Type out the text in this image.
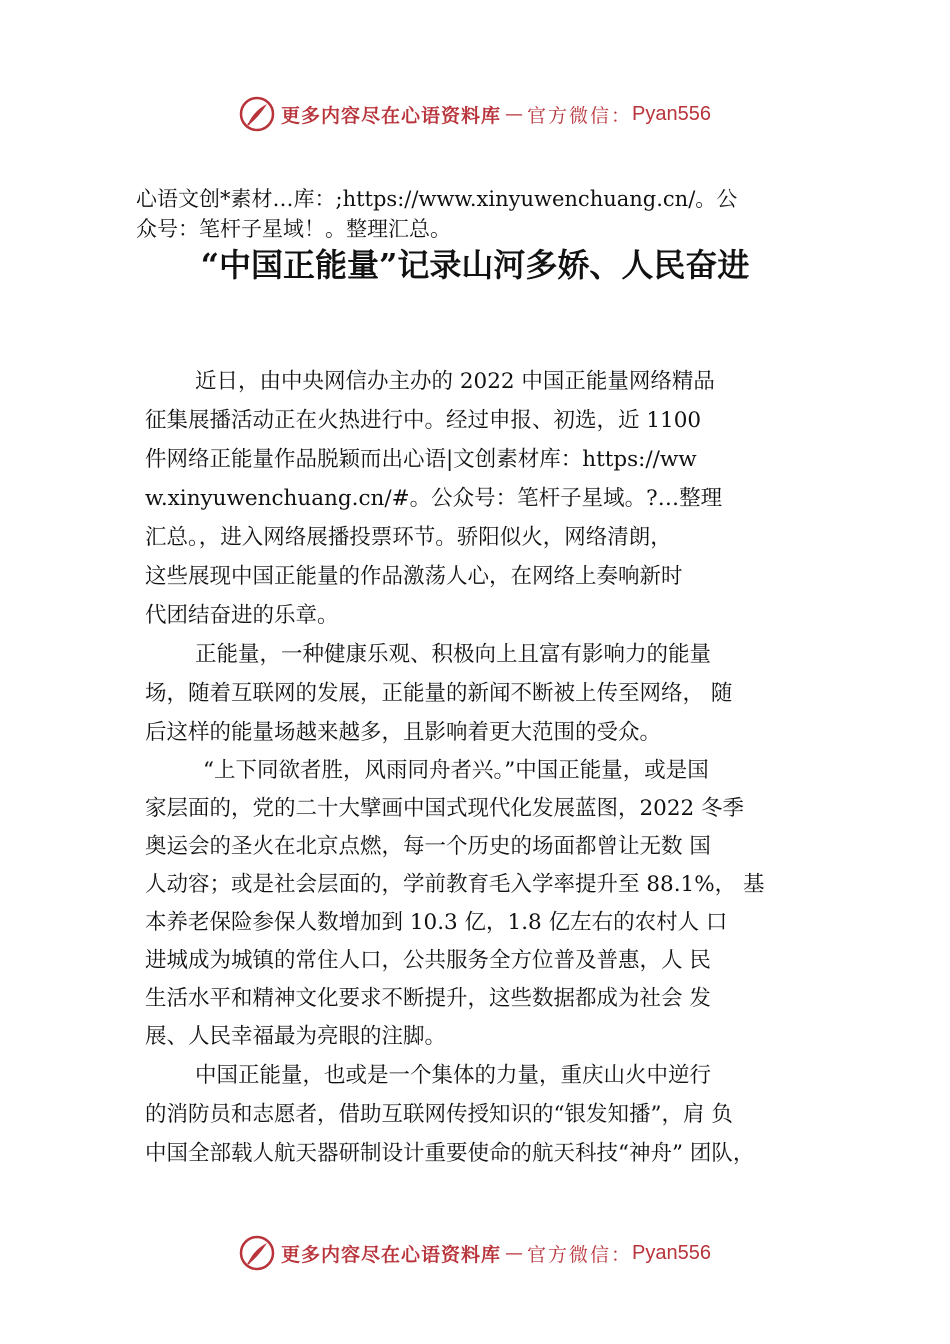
更多内容尽在心语资料库 — 官方微信： Pyan556
心语文创*素材…库：;https://www.xinyuwenchuang.cn/。公
众号：笔杆子星域！。整理汇总。
“中国正能量”记录山河多娇、人民奋进
近日，由中央网信办主办的 2022 中国正能量网络精品
征集展播活动正在火热进行中。经过申报、初选，近 1100
件网络正能量作品脱颖而出心语|文创素材库：https://ww
w.xinyuwenchuang.cn/#。公众号：笔杆子星域。?…整理
汇总。，进入网络展播投票环节。骄阳似火，网络清朗，
这些展现中国正能量的作品激荡人心，在网络上奏响新时
代团结奋进的乐章。
正能量，一种健康乐观、积极向上且富有影响力的能量
场，随着互联网的发展，正能量的新闻不断被上传至网络， 随
后这样的能量场越来越多，且影响着更大范围的受众。
“上下同欲者胜，风雨同舟者兴。”中国正能量，或是国
家层面的，党的二十大擘画中国式现代化发展蓝图，2022 冬季
奥运会的圣火在北京点燃，每一个历史的场面都曾让无数 国
人动容；或是社会层面的，学前教育毛入学率提升至 88.1%， 基
本养老保险参保人数增加到 10.3 亿，1.8 亿左右的农村人 口
进城成为城镇的常住人口，公共服务全方位普及普惠，人 民
生活水平和精神文化要求不断提升，这些数据都成为社会 发
展、人民幸福最为亮眼的注脚。
中国正能量，也或是一个集体的力量，重庆山火中逆行
的消防员和志愿者，借助互联网传授知识的“银发知播”，肩 负
中国全部载人航天器研制设计重要使命的航天科技“神舟” 团队，
更多内容尽在心语资料库 — 官方微信： Pyan556
